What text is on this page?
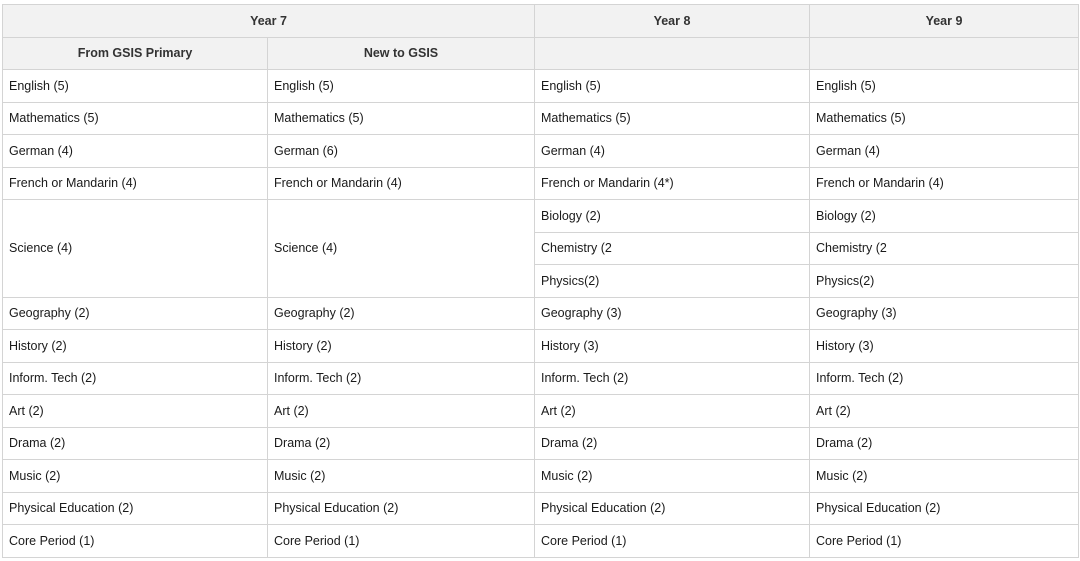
Year 7		Year 8	Year 9
From GSIS Primary	New to GSIS		
English (5)	English (5)	English (5)	English (5)
Mathematics (5)	Mathematics (5)	Mathematics (5)	Mathematics (5)
German (4)	German (6)	German (4)	German (4)
French or Mandarin (4)	French or Mandarin (4)	French or Mandarin (4*)	French or Mandarin (4)
Science (4)	Science (4)	Biology (2)	Biology (2)
		Chemistry (2	Chemistry (2
		Physics(2)	Physics(2)
Geography (2)	Geography (2)	Geography (3)	Geography (3)
History (2)	History (2)	History (3)	History (3)
Inform. Tech (2)	Inform. Tech (2)	Inform. Tech (2)	Inform. Tech (2)
Art (2)	Art (2)	Art (2)	Art (2)
Drama (2)	Drama (2)	Drama (2)	Drama (2)
Music (2)	Music (2)	Music (2)	Music (2)
Physical Education (2)	Physical Education (2)	Physical Education (2)	Physical Education (2)
Core Period (1)	Core Period (1)	Core Period (1)	Core Period (1)
